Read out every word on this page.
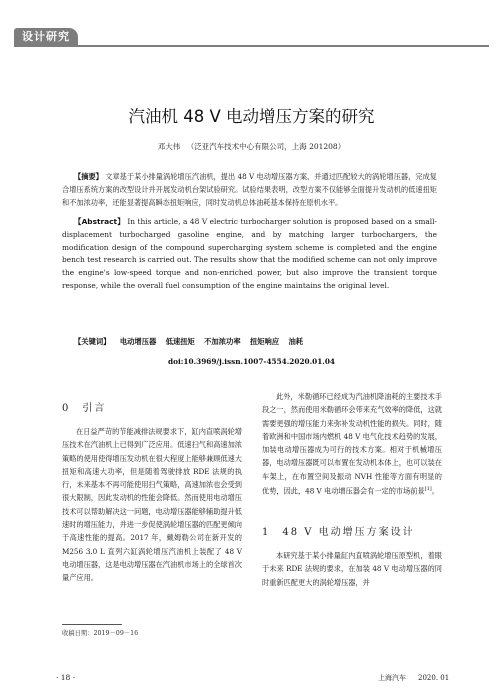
设计研究
汽油机 48 V 电动增压方案的研究
邓大伟 （泛亚汽车技术中心有限公司，上海 201208）
【摘要】 文章基于某小排量涡轮增压汽油机，提出 48 V 电动增压器方案，并通过匹配较大的涡轮增压器，完成复合增压系统方案的改型设计并开展发动机台架试验研究。试验结果表明，改型方案不仅能够全面提升发动机的低速扭矩和不加浓功率，还能显著提高瞬态扭矩响应，同时发动机总体油耗基本保持在原机水平。
【Abstract】 In this article, a 48 V electric turbocharger solution is proposed based on a small-displacement turbocharged gasoline engine, and by matching larger turbochargers, the modification design of the compound supercharging system scheme is completed and the engine bench test research is carried out. The results show that the modified scheme can not only improve the engine's low-speed torque and non-enriched power, but also improve the transient torque response, while the overall fuel consumption of the engine maintains the original level.
【关键词】 电动增压器 低速扭矩 不加浓功率 扭矩响应 油耗
doi:10.3969/j.issn.1007-4554.2020.01.04
0　引言
在日益严苛的节能减排法规要求下，缸内直喷涡轮增压技术在汽油机上已得到广泛应用。低速扫气和高速加浓策略的使用使得增压发动机在很大程度上能够兼顾低速大扭矩和高速大功率，但是随着驾驶排放 RDE 法规的执行，未来基本不再可能使用扫气策略，高速加浓也会受到很大限制，因此发动机的性能会降低。然而使用电动增压技术可以帮助解决这一问题，电动增压器能够辅助提升低速时的增压能力，并进一步促使涡轮增压器的匹配更倾向于高速性能的提高。2017 年，戴姆勒公司在新开发的 M256 3.0 L 直列六缸涡轮增压汽油机上装配了 48 V 电动增压器，这是电动增压器在汽油机市场上的全球首次量产应用。
此外，米勒循环已经成为汽油机降油耗的主要技术手段之一，然而使用米勒循环会带来充气效率的降低，这就需要更强的增压能力来弥补发动机性能的损失。同时，随着欧洲和中国市场内燃机 48 V 电气化技术趋势的发展，加装电动增压器成为可行的技术方案。相对于机械增压器，电动增压器既可以布置在发动机本体上，也可以装在车架上，在布置空间及振动 NVH 性能等方面有明显的优势，因此，48 V 电动增压器会有一定的市场前景[1]。
1　48 V 电动增压方案设计
本研究基于某小排量缸内直喷涡轮增压原型机，着眼于未来 RDE 法规的要求，在加装 48 V 电动增压器的同时重新匹配更大的涡轮增压器，并
收稿日期：2019－09－16
· 18 ·	上海汽车 2020. 01
